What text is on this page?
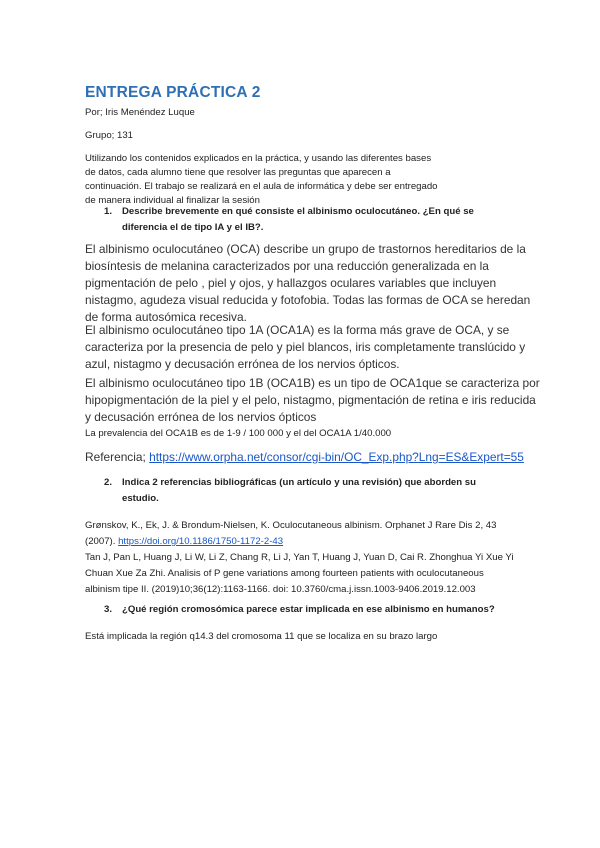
ENTREGA PRÁCTICA 2

Por; Iris Menéndez Luque

Grupo; 131

Utilizando los contenidos explicados en la práctica, y usando las diferentes bases
de datos, cada alumno tiene que resolver las preguntas que aparecen a
continuación. El trabajo se realizará en el aula de informática y debe ser entregado
de manera individual al finalizar la sesión
1. Describe brevemente en qué consiste el albinismo oculocutáneo. ¿En qué se
diferencia el de tipo IA y el IB?.
El albinismo oculocutáneo (OCA) describe un grupo de trastornos hereditarios de la
biosíntesis de melanina caracterizados por una reducción generalizada en la
pigmentación de pelo , piel y ojos, y hallazgos oculares variables que incluyen
nistagmo, agudeza visual reducida y fotofobia. Todas las formas de OCA se heredan
de forma autosómica recesiva.
El albinismo oculocutáneo tipo 1A (OCA1A) es la forma más grave de OCA, y se
caracteriza por la presencia de pelo y piel blancos, iris completamente translúcido y
azul, nistagmo y decusación errónea de los nervios ópticos.
El albinismo oculocutáneo tipo 1B (OCA1B) es un tipo de OCA1que se caracteriza por
hipopigmentación de la piel y el pelo, nistagmo, pigmentación de retina e iris reducida
y decusación errónea de los nervios ópticos

La prevalencia del OCA1B es de 1-9 / 100 000 y el del OCA1A 1/40.000

Referencia; https://www.orpha.net/consor/cgi-bin/OC_Exp.php?Lng=ES&Expert=55

2. Indica 2 referencias bibliográficas (un artículo y una revisión) que aborden su
estudio.
Grønskov, K., Ek, J. & Brondum-Nielsen, K. Oculocutaneous albinism. Orphanet J Rare Dis 2, 43
(2007). https://doi.org/10.1186/1750-1172-2-43
Tan J, Pan L, Huang J, Li W, Li Z, Chang R, Li J, Yan T, Huang J, Yuan D, Cai R. Zhonghua Yi Xue Yi
Chuan Xue Za Zhi. Analisis of P gene variations among fourteen patients with oculocutaneous
albinism tipe II. (2019)10;36(12):1163-1166. doi: 10.3760/cma.j.issn.1003-9406.2019.12.003
3.	¿Qué región cromosómica parece estar implicada en ese albinismo en humanos?

Está implicada la región q14.3 del cromosoma 11 que se localiza en su brazo largo
